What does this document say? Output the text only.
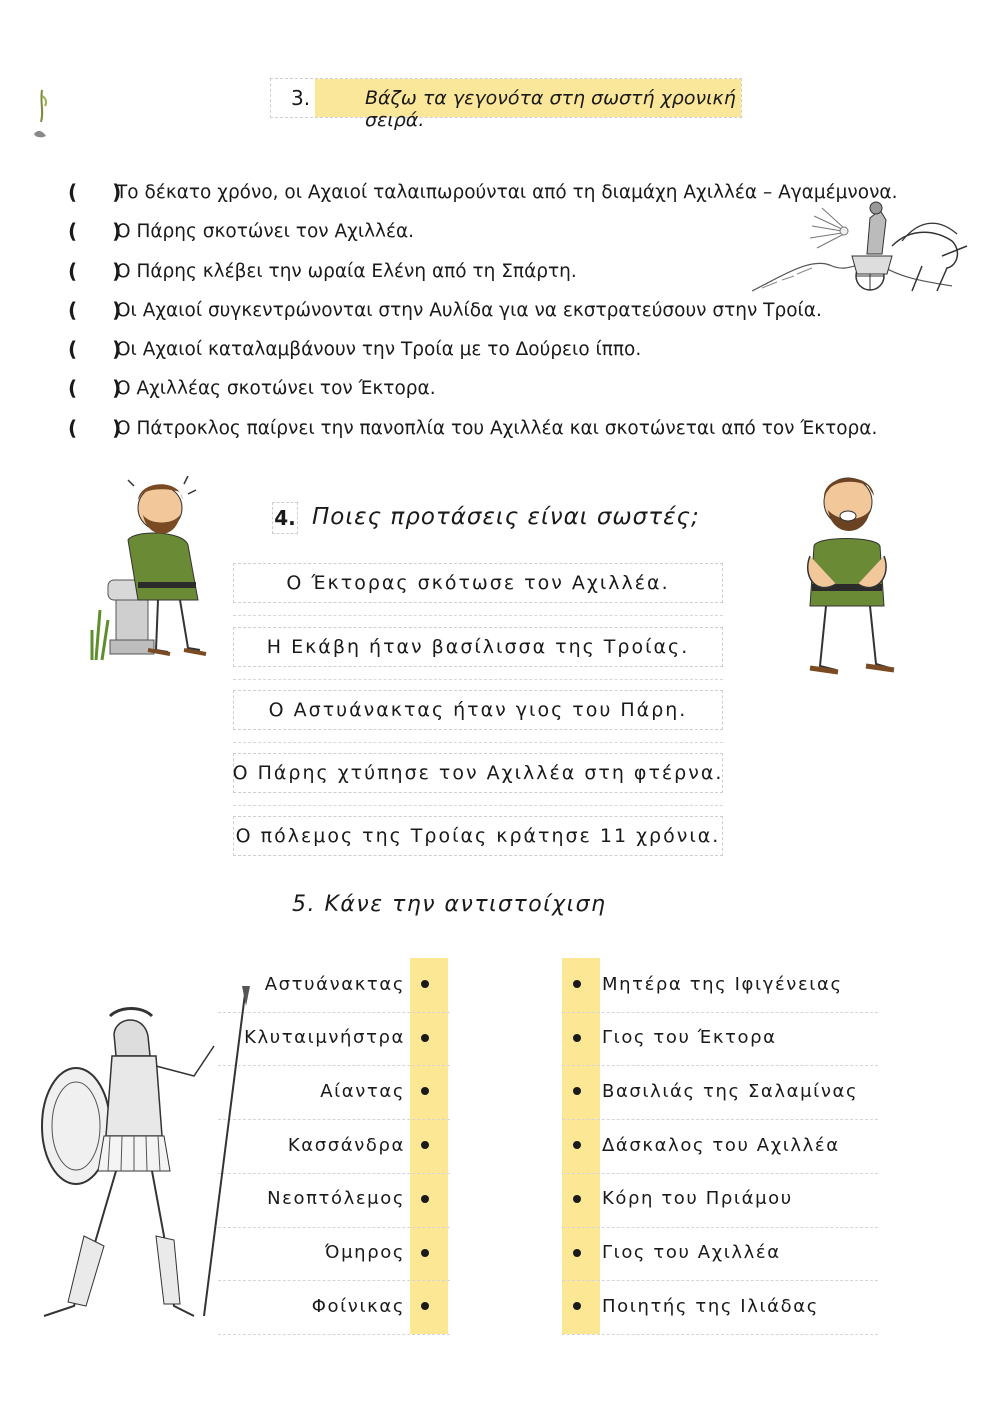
3.	Βάζω τα γεγονότα στη σωστή χρονική σειρά.
( )
Το δέκατο χρόνο, οι Αχαιοί ταλαιπωρούνται από τη διαμάχη Αχιλλέα – Αγαμέμνονα.
( )
Ο Πάρης σκοτώνει τον Αχιλλέα.
( )
Ο Πάρης κλέβει την ωραία Ελένη από τη Σπάρτη.
( )
Οι Αχαιοί συγκεντρώνονται στην Αυλίδα για να εκστρατεύσουν στην Τροία.
( )
Οι Αχαιοί καταλαμβάνουν την Τροία με το Δούρειο ίππο.
( )
Ο Αχιλλέας σκοτώνει τον Έκτορα.
( )
Ο Πάτροκλος παίρνει την πανοπλία του Αχιλλέα και σκοτώνεται από τον Έκτορα.
4. Ποιες προτάσεις είναι σωστές;
Ο Έκτορας σκότωσε τον Αχιλλέα.
Η Εκάβη ήταν βασίλισσα της Τροίας.
Ο Αστυάνακτας ήταν γιος του Πάρη.
Ο Πάρης χτύπησε τον Αχιλλέα στη φτέρνα.
Ο πόλεμος της Τροίας κράτησε 11 χρόνια.
5. Κάνε την αντιστοίχιση
Αστυάνακτας
Κλυταιμνήστρα
Αίαντας
Κασσάνδρα
Νεοπτόλεμος
Όμηρος
Φοίνικας
Μητέρα της Ιφιγένειας
Γιος του Έκτορα
Βασιλιάς της Σαλαμίνας
Δάσκαλος του Αχιλλέα
Κόρη του Πριάμου
Γιος του Αχιλλέα
Ποιητής της Ιλιάδας
